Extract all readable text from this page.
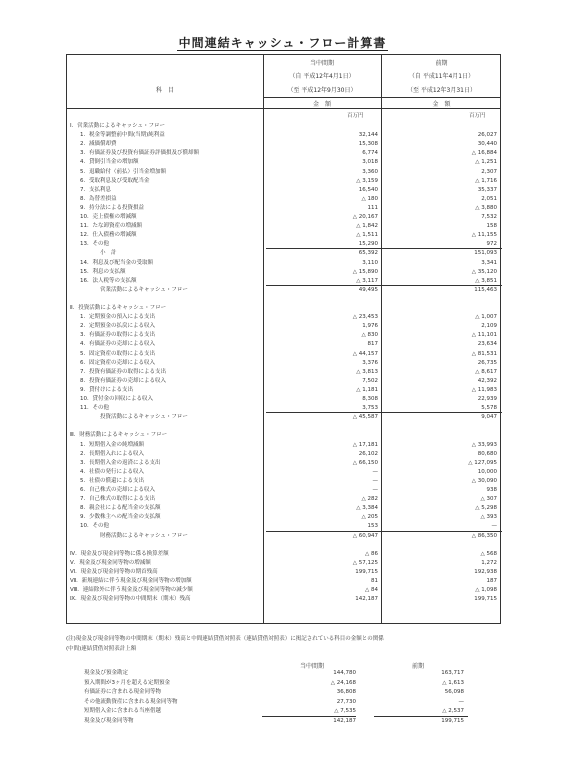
中間連結キャッシュ・フロー計算書
科　目
当中間期
（自 平成12年4月1日）
（至 平成12年9月30日）
金　額
前期
（自 平成11年4月1日）
（至 平成12年3月31日）
金　額
百万円	百万円
Ⅰ．営業活動によるキャッシュ・フロー
1．税金等調整前中間(当期)純利益	32,144	26,027
2．減価償却費	15,308	30,440
3．有価証券及び投資有価証券評価損及び償却額	6,774	△ 16,884
4．貸倒引当金の増加額	3,018	△ 1,251
5．退職給付（前払）引当金増加額	3,360	2,307
6．受取利息及び受取配当金	△ 3,159	△ 1,716
7．支払利息	16,540	35,337
8．為替差損益	△ 180	2,051
9．持分法による投資損益	111	△ 3,880
10．売上債権の増減額	△ 20,167	7,532
11．たな卸資産の増減額	△ 1,842	158
12．仕入債務の増減額	△ 1,511	△ 11,155
13．その他	15,290	972
小　計	65,392	151,093
14．利息及び配当金の受取額	3,110	3,341
15．利息の支払額	△ 15,890	△ 35,120
16．法人税等の支払額	△ 3,117	△ 3,851
営業活動によるキャッシュ・フロー	49,495	115,463
Ⅱ．投資活動によるキャッシュ・フロー
1．定期預金の預入による支出	△ 23,453	△ 1,007
2．定期預金の払戻による収入	1,976	2,109
3．有価証券の取得による支出	△ 830	△ 11,101
4．有価証券の売却による収入	817	23,634
5．固定資産の取得による支出	△ 44,157	△ 81,531
6．固定資産の売却による収入	3,376	26,735
7．投資有価証券の取得による支出	△ 3,813	△ 8,617
8．投資有価証券の売却による収入	7,502	42,392
9．貸付けによる支出	△ 1,181	△ 11,983
10．貸付金の回収による収入	8,308	22,939
11．その他	3,753	5,578
投資活動によるキャッシュ・フロー	△ 45,587	9,047
Ⅲ．財務活動によるキャッシュ・フロー
1．短期借入金の純増減額	△ 17,181	△ 33,993
2．長期借入れによる収入	26,102	80,680
3．長期借入金の返済による支出	△ 66,150	△ 127,095
4．社債の発行による収入	—	10,000
5．社債の償還による支出	—	△ 30,090
6．自己株式の売却による収入	—	938
7．自己株式の取得による支出	△ 282	△ 307
8．親会社による配当金の支払額	△ 3,384	△ 5,298
9．少数株主への配当金の支払額	△ 205	△ 393
10．その他	153	—
財務活動によるキャッシュ・フロー	△ 60,947	△ 86,350
Ⅳ．現金及び現金同等物に係る換算差額	△ 86	△ 568
Ⅴ．現金及び現金同等物の増減額	△ 57,125	1,272
Ⅵ．現金及び現金同等物の期首残高	199,715	192,938
Ⅶ．新規連結に伴う現金及び現金同等物の増加額	81	187
Ⅷ．連結除外に伴う現金及び現金同等物の減少額	△ 84	△ 1,098
Ⅸ．現金及び現金同等物の中間期末（期末）残高	142,187	199,715
(注)現金及び現金同等物の中間期末（期末）残高と中間連結貸借対照表（連結貸借対照表）に掲記されている科目の金額との関係
(中間)連結貸借対照表計上額
当中間期	前期
現金及び預金勘定	144,780	163,717
預入期間が3ヶ月を超える定期預金	△ 24,168	△ 1,613
有価証券に含まれる現金同等物	36,808	56,098
その他流動資産に含まれる現金同等物	27,730	—
短期借入金に含まれる当座借越	△ 7,535	△ 2,537
現金及び現金同等物	142,187	199,715
